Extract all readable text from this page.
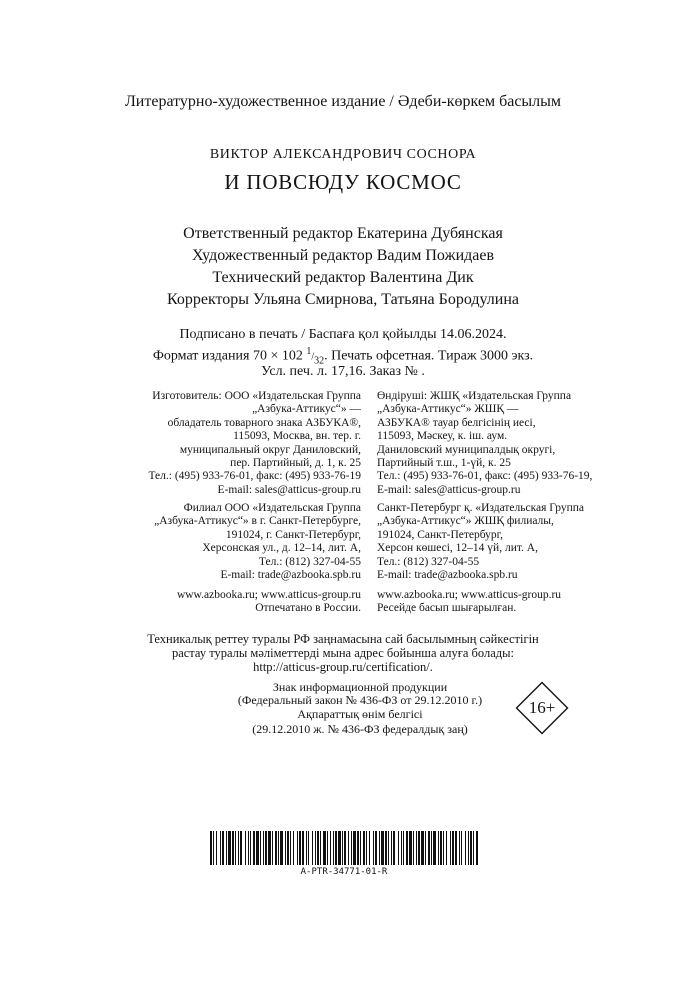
Литературно-художественное издание / Әдеби-көркем басылым
ВИКТОР АЛЕКСАНДРОВИЧ СОСНОРА
И ПОВСЮДУ КОСМОС
Ответственный редактор Екатерина Дубянская
Художественный редактор Вадим Пожидаев
Технический редактор Валентина Дик
Корректоры Ульяна Смирнова, Татьяна Бородулина
Подписано в печать / Баспаға қол қойылды 14.06.2024.
Формат издания 70 × 102 $^1/_{32}$. Печать офсетная. Тираж 3000 экз.
Усл. печ. л. 17,16. Заказ № .
Изготовитель: ООО «Издательская Группа
„Азбука-Аттикус“» —
обладатель товарного знака АЗБУКА®,
115093, Москва, вн. тер. г.
муниципальный округ Даниловский,
пер. Партийный, д. 1, к. 25
Тел.: (495) 933-76-01, факс: (495) 933-76-19
E-mail: sales@atticus-group.ru
Филиал ООО «Издательская Группа
„Азбука-Аттикус“» в г. Санкт-Петербурге,
191024, г. Санкт-Петербург,
Херсонская ул., д. 12–14, лит. А,
Тел.: (812) 327-04-55
E-mail: trade@azbooka.spb.ru
www.azbooka.ru; www.atticus-group.ru
Отпечатано в России.
Өндіруші: ЖШҚ «Издательская Группа
„Азбука-Аттикус“» ЖШҚ —
АЗБУКА® тауар белгісінің иесі,
115093, Мәскеу, к. іш. аум.
Даниловский муниципалдық округі,
Партийный т.ш., 1-үй, к. 25
Тел.: (495) 933-76-01, факс: (495) 933-76-19,
E-mail: sales@atticus-group.ru
Санкт-Петербург қ. «Издательская Группа
„Азбука-Аттикус“» ЖШҚ филиалы,
191024, Санкт-Петербург,
Херсон көшесі, 12–14 үй, лит. А,
Тел.: (812) 327-04-55
E-mail: trade@azbooka.spb.ru
www.azbooka.ru; www.atticus-group.ru
Ресейде басып шығарылған.
Техникалық реттеу туралы РФ заңнамасына сай басылымның сәйкестігін
растау туралы мәліметтерді мына адрес бойынша алуға болады:
http://atticus-group.ru/certification/.
Знак информационной продукции
(Федеральный закон № 436-ФЗ от 29.12.2010 г.)
Ақпараттық өнім белгісі
(29.12.2010 ж. № 436-ФЗ федералдық заң)
16+
A-PTR-34771-01-R
